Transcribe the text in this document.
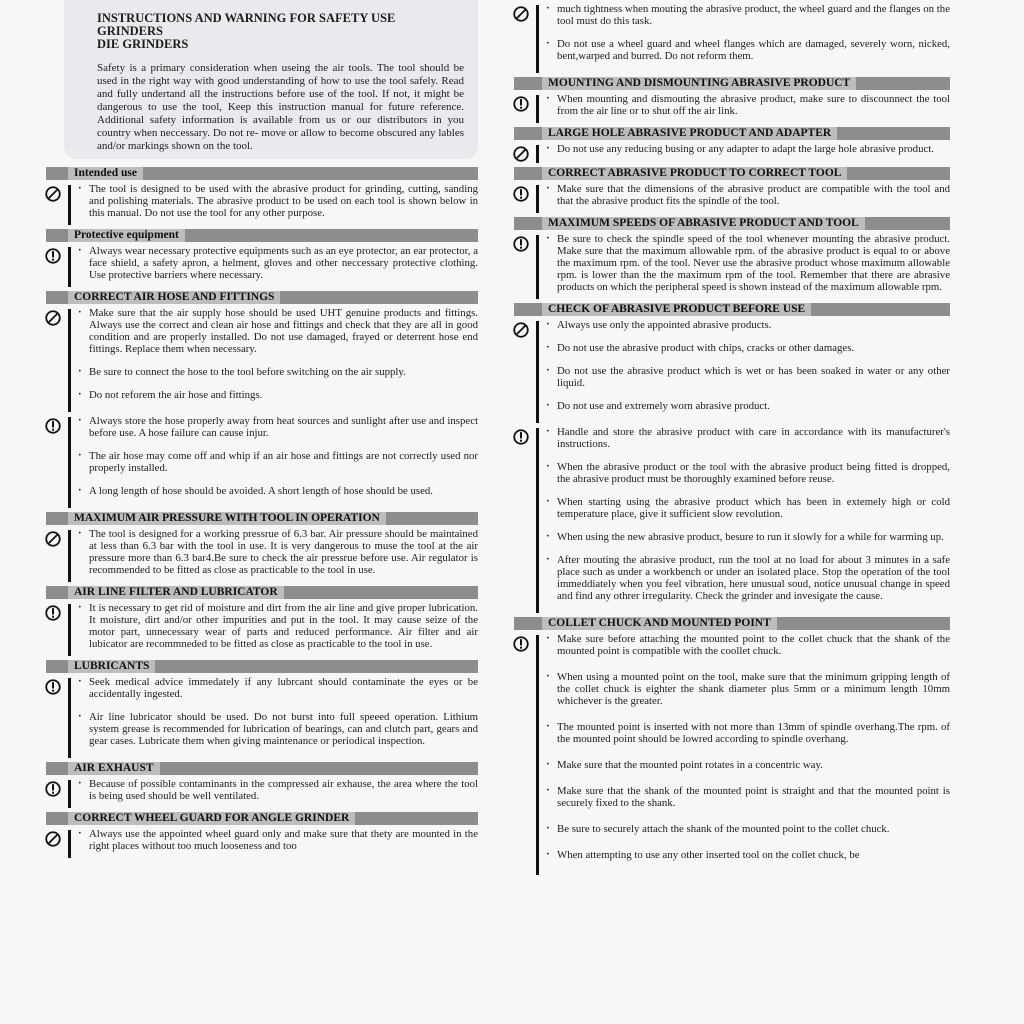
INSTRUCTIONS AND WARNING FOR SAFETY USE
GRINDERS
DIE GRINDERS
Safety is a primary consideration when useing the air tools. The tool should be used in the right way with good understanding of how to use the tool safely. Read and fully undertand all the instructions before use of the tool. If not, it might be dangerous to use the tool, Keep this instruction manual for future reference. Additional safety information is available from us or our distributors in you country when neccessary. Do not re- move or allow to become obscured any lables and/or markings shown on the tool.
Intended use
· The tool is designed to be used with the abrasive product for grinding, cutting, sanding and polishing materials. The abrasive product to be used on each tool is shown below in this manual. Do not use the tool for any other purpose.
Protective equipment
· Always wear necessary protective equipments such as an eye protector, an ear protector, a face shield, a safety apron, a helment, gloves and other neccessary protective clothing. Use protective barriers where necessary.
CORRECT AIR HOSE AND FITTINGS
· Make sure that the air supply hose should be used UHT genuine products and fittings. Always use the correct and clean air hose and fittings and check that they are all in good condition and are properly installed. Do not use damaged, frayed or deterrent hose end fittings. Replace them when necessary.
· Be sure to connect the hose to the tool before switching on the air supply.
· Do not reforem the air hose and fittings.
· Always store the hose properly away from heat sources and sunlight after use and inspect before use. A hose failure can cause injur.
· The air hose may come off and whip if an air hose and fittings are not correctly used nor properly installed.
· A long length of hose should be avoided. A short length of hose should be used.
MAXIMUM AIR PRESSURE WITH TOOL IN OPERATION
· The tool is designed for a working pressrue of 6.3 bar. Air pressure should be maintained at less than 6.3 bar with the tool in use. It is very dangerous to muse the tool at the air pressure more than 6.3 bar4.Be sure to check the air pressrue before use. Air regulator is recommended to be fitted as close as practicable to the tool in use.
AIR LINE FILTER AND LUBRICATOR
· It is necessary to get rid of moisture and dirt from the air line and give proper lubrication. It moisture, dirt and/or other impurities and put in the tool. It may cause seize of the motor part, unnecessary wear of parts and reduced performance. Air filter and air lubicator are recommneded to be fitted as close as practicable to the tool in use.
LUBRICANTS
· Seek medical advice immedately if any lubrcant should contaminate the eyes or be accidentally ingested.
· Air line lubricator should be used. Do not burst into full speeed operation. Lithium system grease is recommended for lubrication of bearings, can and clutch part, gears and gear cases. Lubricate them when giving maintenance or periodical inspection.
AIR EXHAUST
· Because of possible contaminants in the compressed air exhause, the area where the tool is being used should be well ventilated.
CORRECT WHEEL GUARD FOR ANGLE GRINDER
· Always use the appointed wheel guard only and make sure that thety are mounted in the right places without too much looseness and too
· much tightness when mouting the abrasive product, the wheel guard and the flanges on the tool must do this task.
· Do not use a wheel guard and wheel flanges which are damaged, severely worn, nicked, bent,warped and burred. Do not reform them.
MOUNTING AND DISMOUNTING ABRASIVE PRODUCT
· When mounting and dismouting the abrasive product, make sure to discounnect the tool from the air line or to shut off the air link.
LARGE HOLE ABRASIVE PRODUCT AND ADAPTER
· Do not use any reducing busing or any adapter to adapt the large hole abrasive product.
CORRECT ABRASIVE PRODUCT TO CORRECT TOOL
· Make sure that the dimensions of the abrasive product are compatible with the tool and that the abrasive product fits the spindle of the tool.
MAXIMUM SPEEDS OF ABRASIVE PRODUCT AND TOOL
· Be sure to check the spindle speed of the tool whenever mounting the abrasive product. Make sure that the maximum allowable rpm. of the abrasive product is equal to or above the maximum rpm. of the tool. Never use the abrasive product whose maximum allowable rpm. is lower than the the maximum rpm of the tool. Remember that there are abrasive products on which the peripheral speed is shown instead of the maximum allowable rpm.
CHECK OF ABRASIVE PRODUCT BEFORE USE
· Always use only the appointed abrasive products.
· Do not use the abrasive product with chips, cracks or other damages.
· Do not use the abrasive product which is wet or has been soaked in water or any other liquid.
· Do not use and extremely worn abrasive product.
· Handle and store the abrasive product with care in accordance with its manufacturer's instructions.
· When the abrasive product or the tool with the abrasive product being fitted is dropped, the abrasive product must be thoroughly examined before reuse.
· When starting using the abrasive product which has been in extemely high or cold temperature place, give it sufficient slow revolution.
· When using the new abrasive product, besure to run it slowly for a while for warming up.
· After mouting the abrasive product, run the tool at no load for about 3 minutes in a safe place such as under a workbench or under an isolated place. Stop the operation of the tool immeddiately when you feel vibration, here unusual soud, notice unusual change in speed and find any othrer irregularity. Check the grinder and invesigate the cause.
COLLET CHUCK AND MOUNTED POINT
· Make sure before attaching the mounted point to the collet chuck that the shank of the mounted point is compatible with the coollet chuck.
· When using a mounted point on the tool, make sure that the minimum gripping length of the collet chuck is eighter the shank diameter plus 5mm or a minimum length 10mm whichever is the greater.
· The mounted point is inserted with not more than 13mm of spindle overhang.The rpm. of the mounted point should be lowred according to spindle overhang.
· Make sure that the mounted point rotates in a concentric way.
· Make sure that the shank of the mounted point is straight and that the mounted point is securely fixed to the shank.
· Be sure to securely attach the shank of the mounted point to the collet chuck.
· When attempting to use any other inserted tool on the collet chuck, be
